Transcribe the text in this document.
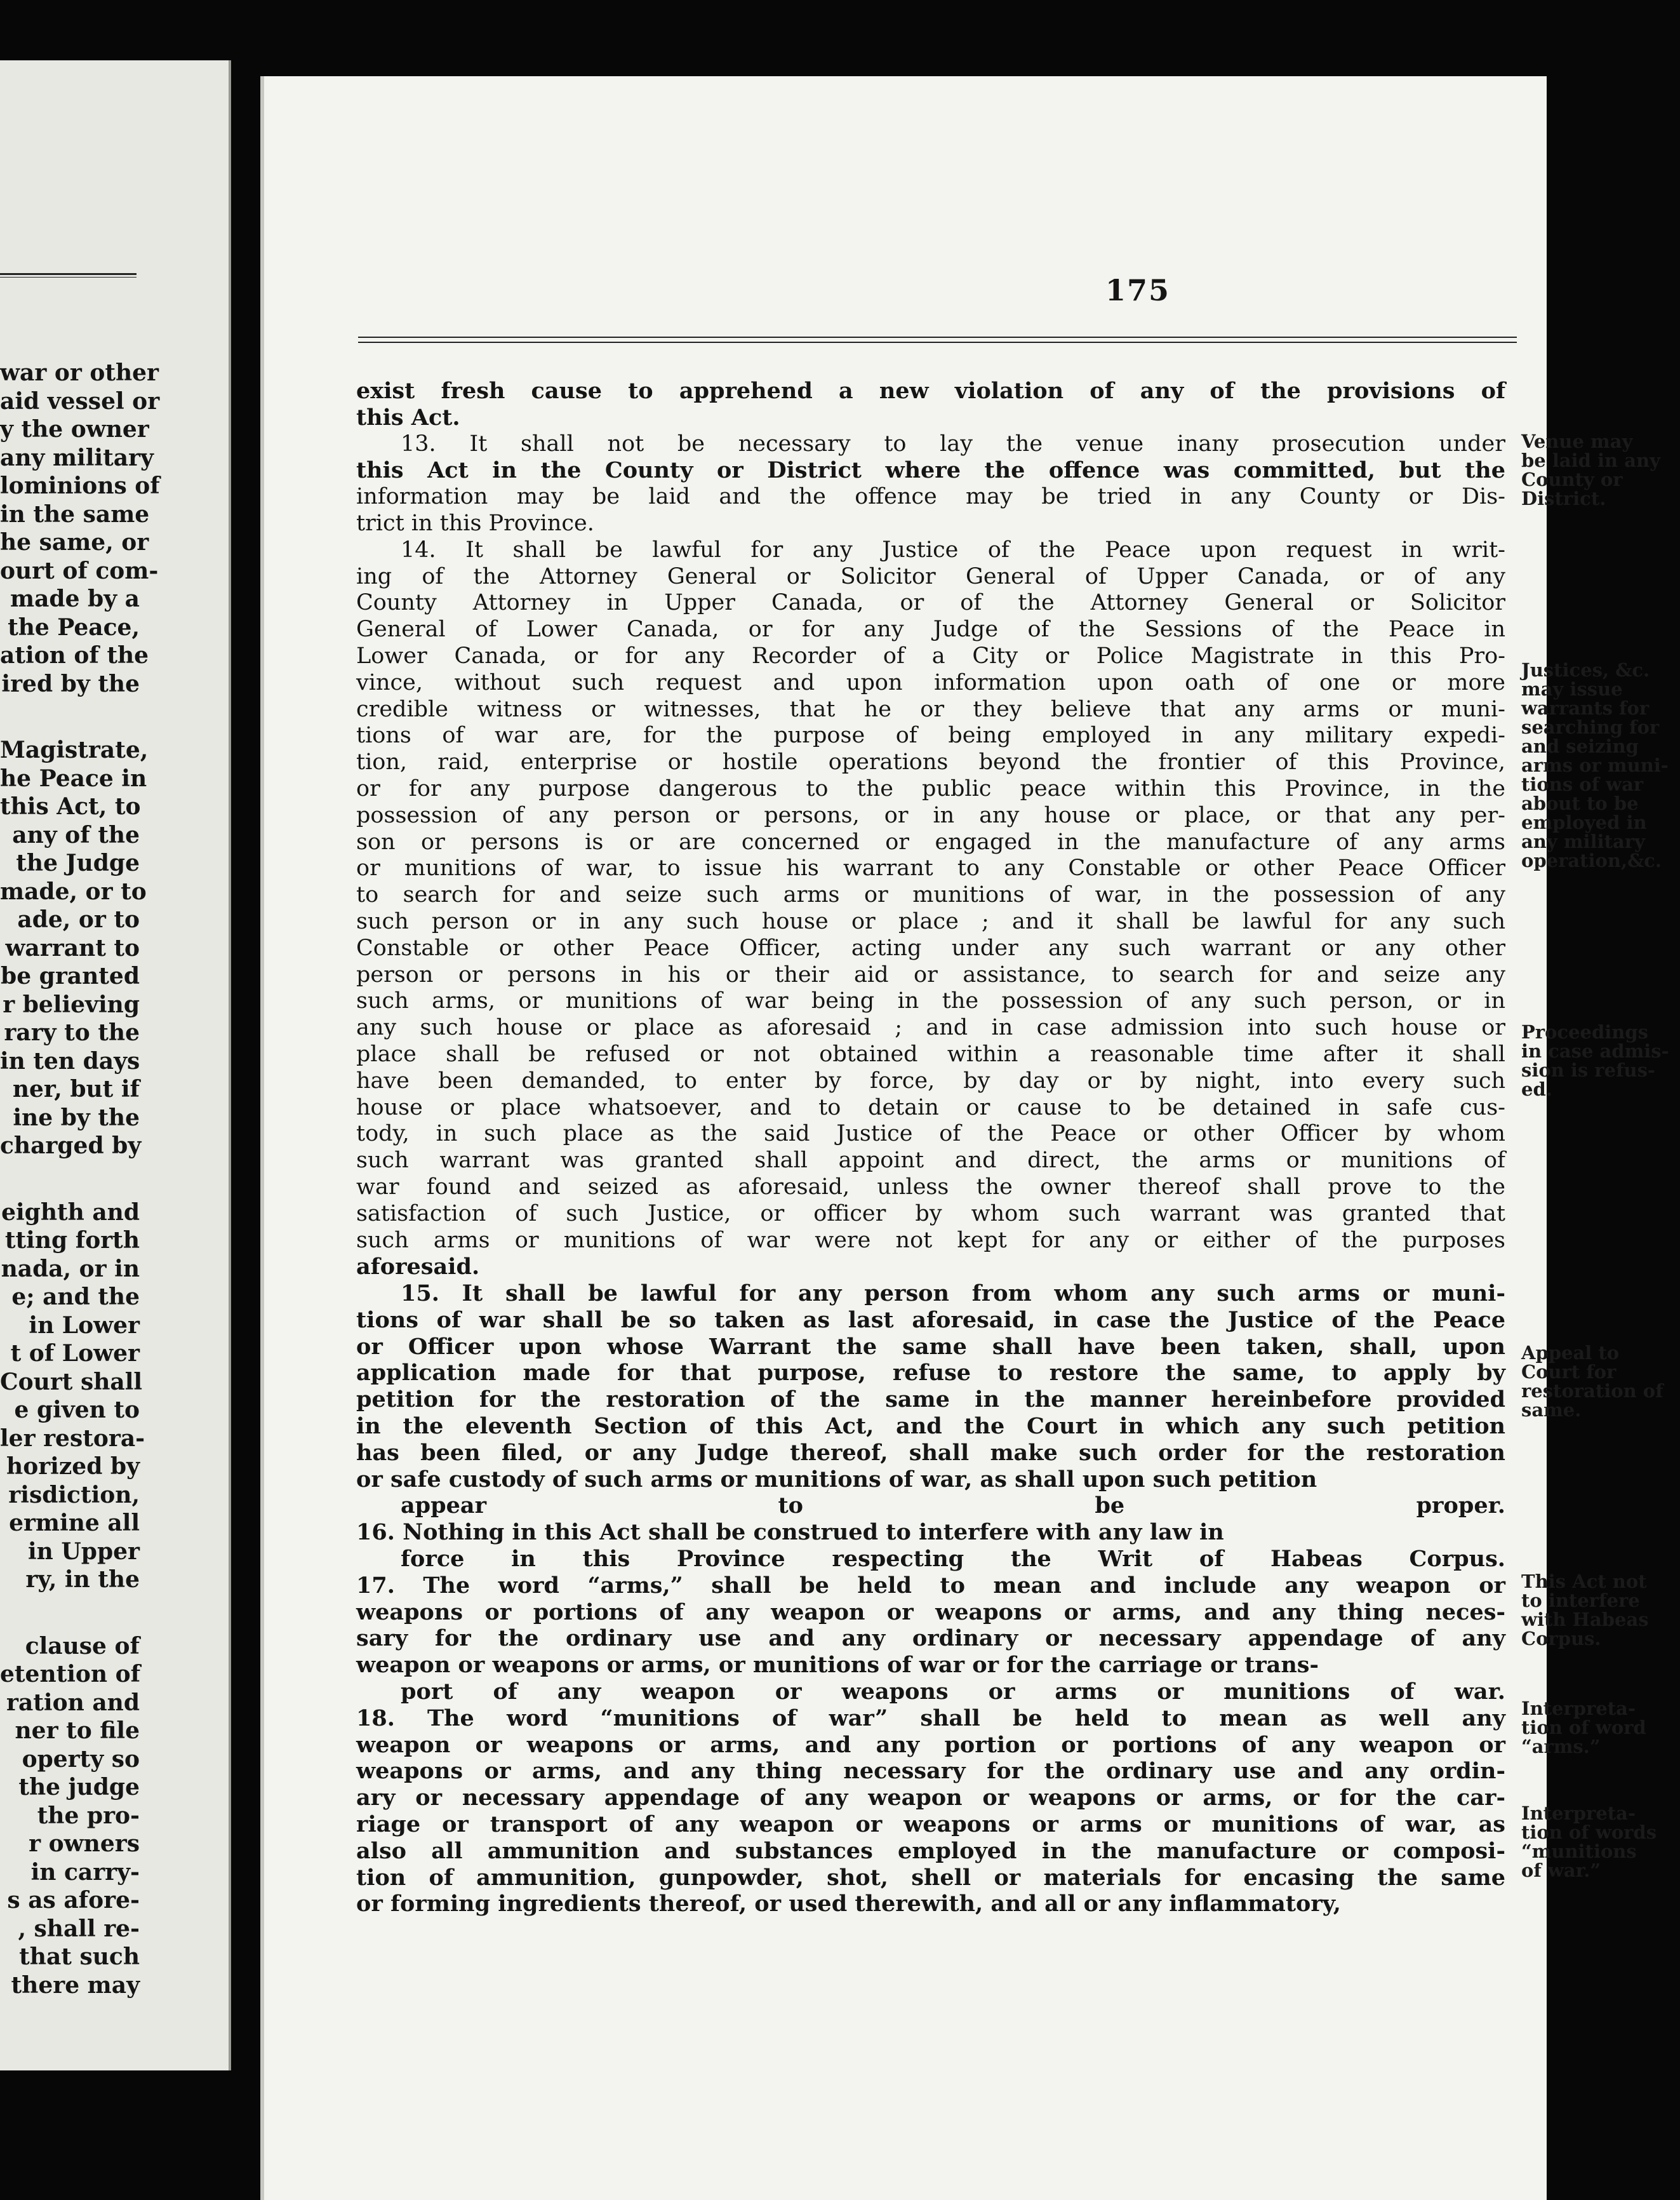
war or other
aid vessel or
y the owner
any military
lominions of
in the same
he same, or
ourt of com-
made by a
the Peace,
ation of the
ired by the
Magistrate,
he Peace in
this Act, to
any of the
the Judge
made, or to
ade, or to
warrant to
be granted
r believing
rary to the
in ten days
ner, but if
ine by the
charged by
eighth and
tting forth
nada, or in
e; and the
in Lower
t of Lower
Court shall
e given to
ler restora-
horized by
risdiction,
ermine all
in Upper
ry, in the
clause of
etention of
ration and
ner to file
operty so
the judge
the pro-
r owners
in carry-
s as afore-
, shall re-
that such
there may
175
exist fresh cause to apprehend a new violation of any of the provisions of
this Act.
13. It shall not be necessary to lay the venue inany prosecution under
this Act in the County or District where the offence was committed, but the
information may be laid and the offence may be tried in any County or Dis-
trict in this Province.
14. It shall be lawful for any Justice of the Peace upon request in writ-
ing of the Attorney General or Solicitor General of Upper Canada, or of any
County Attorney in Upper Canada, or of the Attorney General or Solicitor
General of Lower Canada, or for any Judge of the Sessions of the Peace in
Lower Canada, or for any Recorder of a City or Police Magistrate in this Pro-
vince, without such request and upon information upon oath of one or more
credible witness or witnesses, that he or they believe that any arms or muni-
tions of war are, for the purpose of being employed in any military expedi-
tion, raid, enterprise or hostile operations beyond the frontier of this Province,
or for any purpose dangerous to the public peace within this Province, in the
possession of any person or persons, or in any house or place, or that any per-
son or persons is or are concerned or engaged in the manufacture of any arms
or munitions of war, to issue his warrant to any Constable or other Peace Officer
to search for and seize such arms or munitions of war, in the possession of any
such person or in any such house or place ; and it shall be lawful for any such
Constable or other Peace Officer, acting under any such warrant or any other
person or persons in his or their aid or assistance, to search for and seize any
such arms, or munitions of war being in the possession of any such person, or in
any such house or place as aforesaid ; and in case admission into such house or
place shall be refused or not obtained within a reasonable time after it shall
have been demanded, to enter by force, by day or by night, into every such
house or place whatsoever, and to detain or cause to be detained in safe cus-
tody, in such place as the said Justice of the Peace or other Officer by whom
such warrant was granted shall appoint and direct, the arms or munitions of
war found and seized as aforesaid, unless the owner thereof shall prove to the
satisfaction of such Justice, or officer by whom such warrant was granted that
such arms or munitions of war were not kept for any or either of the purposes
aforesaid.
15. It shall be lawful for any person from whom any such arms or muni-
tions of war shall be so taken as last aforesaid, in case the Justice of the Peace
or Officer upon whose Warrant the same shall have been taken, shall, upon
application made for that purpose, refuse to restore the same, to apply by
petition for the restoration of the same in the manner hereinbefore provided
in the eleventh Section of this Act, and the Court in which any such petition
has been filed, or any Judge thereof, shall make such order for the restoration
or safe custody of such arms or munitions of war, as shall upon such petition
appear to be proper.
16. Nothing in this Act shall be construed to interfere with any law in
force in this Province respecting the Writ of Habeas Corpus.
17. The word “arms,” shall be held to mean and include any weapon or
weapons or portions of any weapon or weapons or arms, and any thing neces-
sary for the ordinary use and any ordinary or necessary appendage of any
weapon or weapons or arms, or munitions of war or for the carriage or trans-
port of any weapon or weapons or arms or munitions of war.
18. The word “munitions of war” shall be held to mean as well any
weapon or weapons or arms, and any portion or portions of any weapon or
weapons or arms, and any thing necessary for the ordinary use and any ordin-
ary or necessary appendage of any weapon or weapons or arms, or for the car-
riage or transport of any weapon or weapons or arms or munitions of war, as
also all ammunition and substances employed in the manufacture or composi-
tion of ammunition, gunpowder, shot, shell or materials for encasing the same
or forming ingredients thereof, or used therewith, and all or any inflammatory,
Venue may
be laid in any
County or
District.
Justices, &c.
may issue
warrants for
searching for
and seizing
arms or muni-
tions of war
about to be
employed in
any military
operation,&c.
Proceedings
in case admis-
sion is refus-
ed.
Appeal to
Court for
restoration of
same.
This Act not
to interfere
with Habeas
Corpus.
Interpreta-
tion of word
“arms.”
Interpreta-
tion of words
“munitions
of war.”
